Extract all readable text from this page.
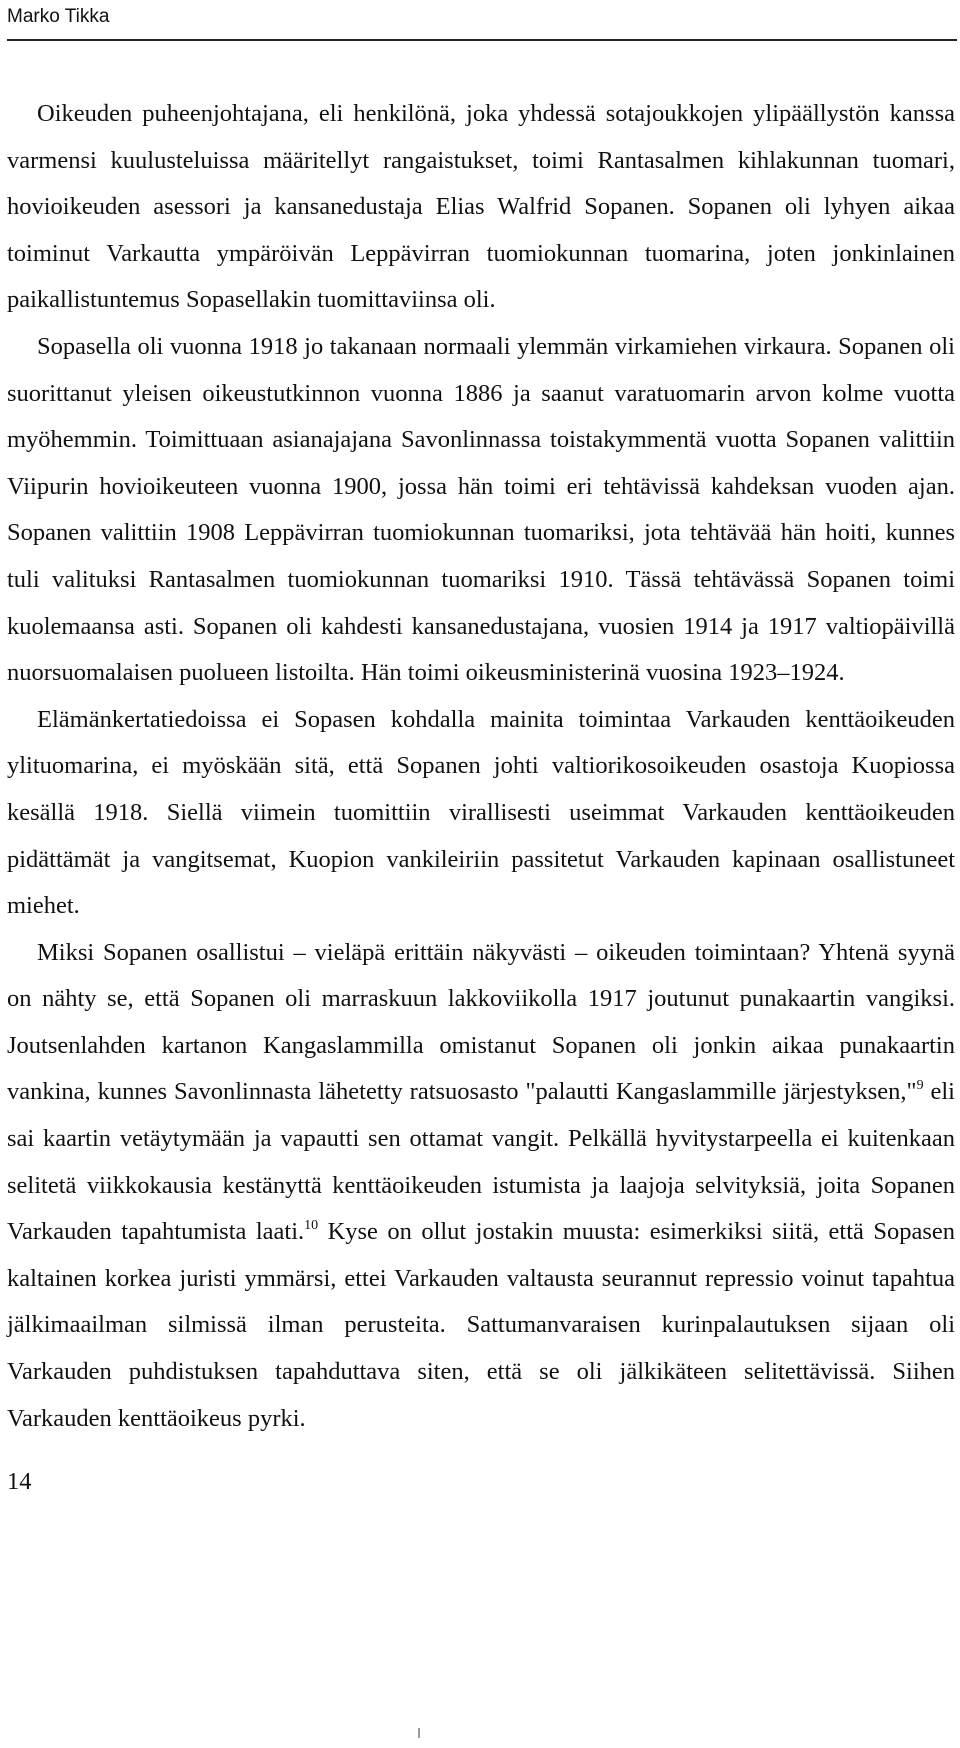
Marko Tikka

Oikeuden puheenjohtajana, eli henkilönä, joka yhdessä sotajoukkojen ylipäällystön kanssa varmensi kuulusteluissa määritellyt rangaistukset, toimi Rantasalmen kihlakunnan tuomari, hovioikeuden asessori ja kansanedustaja Elias Walfrid Sopanen. Sopanen oli lyhyen aikaa toiminut Varkautta ympäröivän Leppävirran tuomiokunnan tuomarina, joten jonkinlainen paikallistuntemus Sopasellakin tuomittaviinsa oli.

Sopasella oli vuonna 1918 jo takanaan normaali ylemmän virkamiehen virkaura. Sopanen oli suorittanut yleisen oikeustutkinnon vuonna 1886 ja saanut varatuomarin arvon kolme vuotta myöhemmin. Toimittuaan asianajajana Savonlinnassa toistakymmentä vuotta Sopanen valittiin Viipurin hovioikeuteen vuonna 1900, jossa hän toimi eri tehtävissä kahdeksan vuoden ajan. Sopanen valittiin 1908 Leppävirran tuomiokunnan tuomariksi, jota tehtävää hän hoiti, kunnes tuli valituksi Rantasalmen tuomiokunnan tuomariksi 1910. Tässä tehtävässä Sopanen toimi kuolemaansa asti. Sopanen oli kahdesti kansanedustajana, vuosien 1914 ja 1917 valtiopäivillä nuorsuomalaisen puolueen listoilta. Hän toimi oikeusministerinä vuosina 1923–1924.

Elämänkertatiedoissa ei Sopasen kohdalla mainita toimintaa Varkauden kenttäoikeuden ylituomarina, ei myöskään sitä, että Sopanen johti valtiorikosoikeuden osastoja Kuopiossa kesällä 1918. Siellä viimein tuomittiin virallisesti useimmat Varkauden kenttäoikeuden pidättämät ja vangitsemat, Kuopion vankileiriin passitetut Varkauden kapinaan osallistuneet miehet.

Miksi Sopanen osallistui – vieläpä erittäin näkyvästi – oikeuden toimintaan? Yhtenä syynä on nähty se, että Sopanen oli marraskuun lakkoviikolla 1917 joutunut punakaartin vangiksi. Joutsenlahden kartanon Kangaslammilla omistanut Sopanen oli jonkin aikaa punakaartin vankina, kunnes Savonlinnasta lähetetty ratsuosasto "palautti Kangaslammille järjestyksen,"$^9$ eli sai kaartin vetäytymään ja vapautti sen ottamat vangit. Pelkällä hyvitystarpeella ei kuitenkaan selitetä viikkokausia kestänyttä kenttäoikeuden istumista ja laajoja selvityksiä, joita Sopanen Varkauden tapahtumista laati.$^{10}$ Kyse on ollut jostakin muusta: esimerkiksi siitä, että Sopasen kaltainen korkea juristi ymmärsi, ettei Varkauden valtausta seurannut repressio voinut tapahtua jälkimaailman silmissä ilman perusteita. Sattumanvaraisen kurinpalautuksen sijaan oli Varkauden puhdistuksen tapahduttava siten, että se oli jälkikäteen selitettävissä. Siihen Varkauden kenttäoikeus pyrki.

14
